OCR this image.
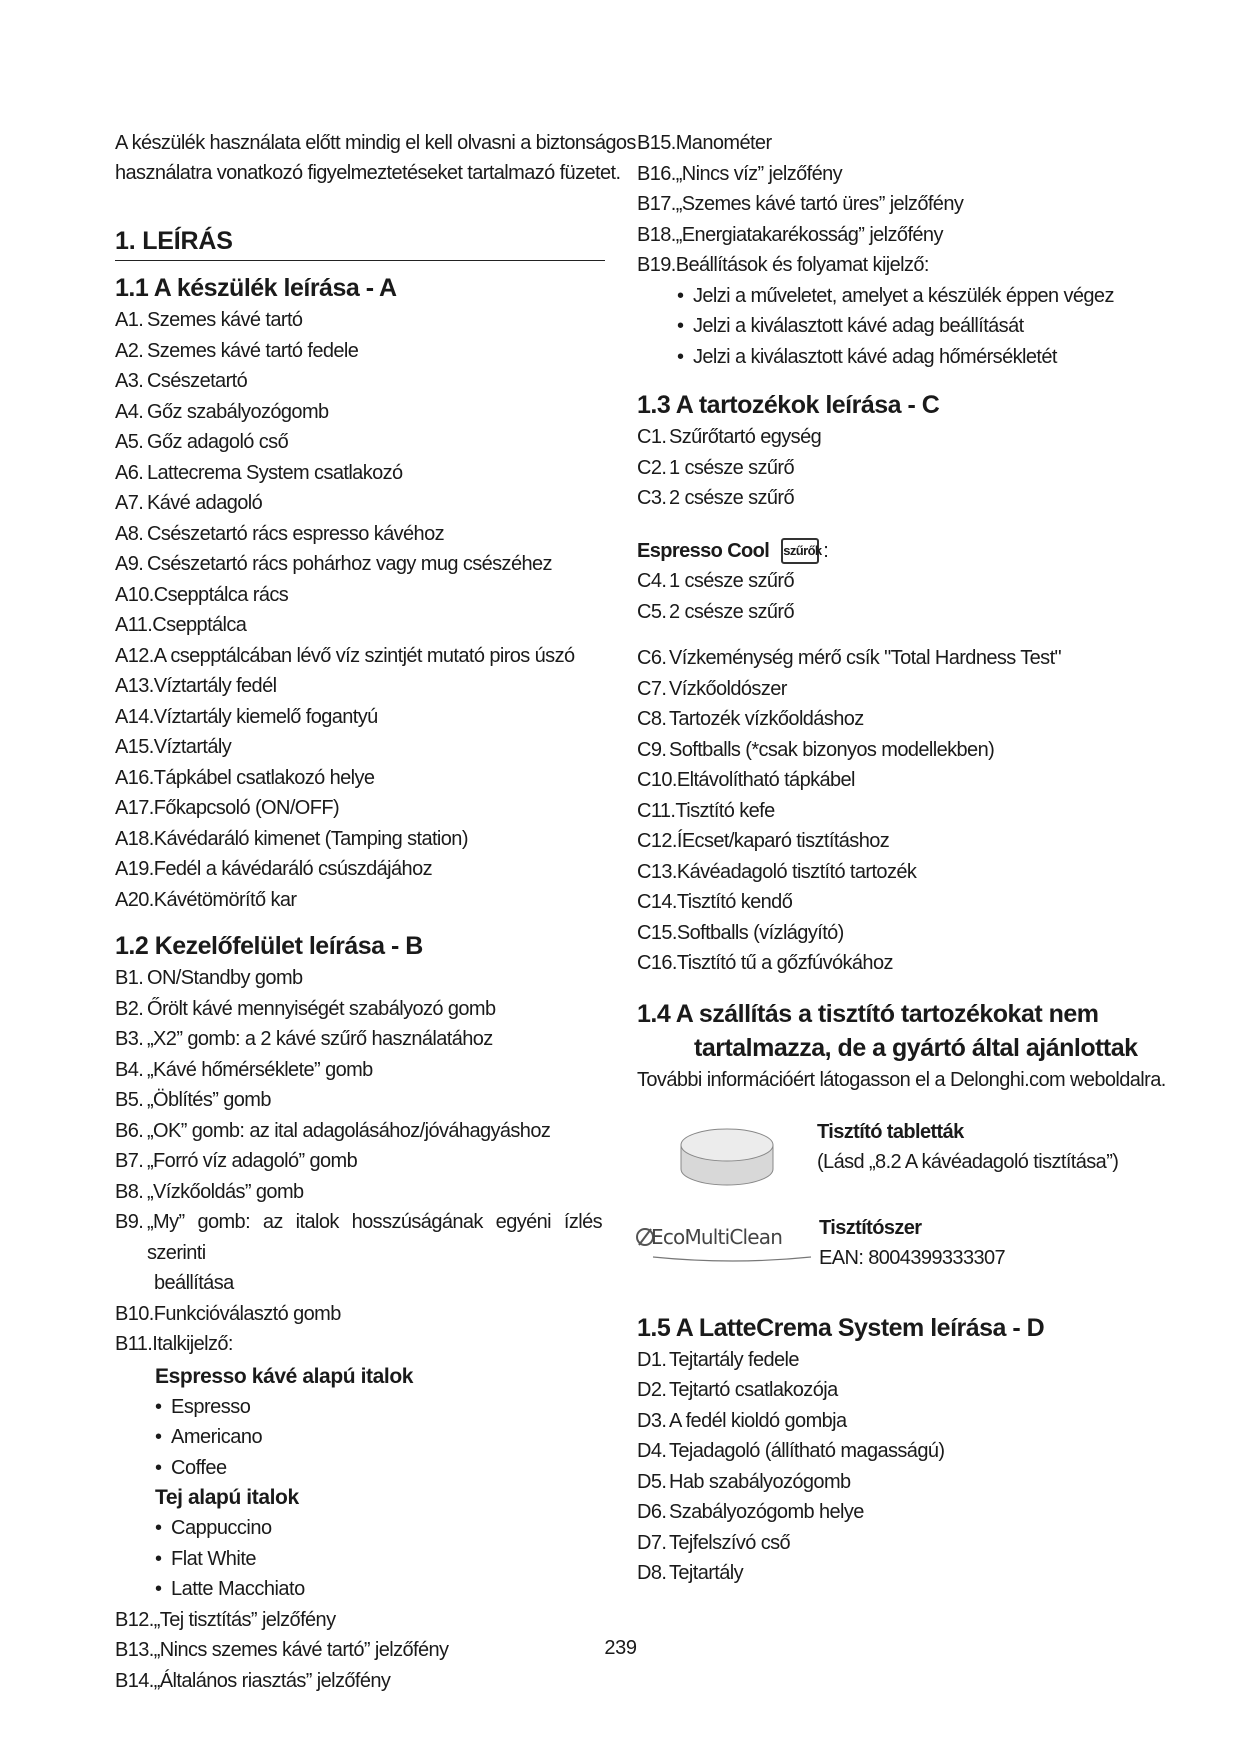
A készülék használata előtt mindig el kell olvasni a biztonságos
használatra vonatkozó figyelmeztetéseket tartalmazó füzetet.
1. LEÍRÁS
1.1 A készülék leírása - A
A1. Szemes kávé tartó
A2. Szemes kávé tartó fedele
A3. Csészetartó
A4. Gőz szabályozógomb
A5. Gőz adagoló cső
A6. Lattecrema System csatlakozó
A7. Kávé adagoló
A8. Csészetartó rács espresso kávéhoz
A9. Csészetartó rács pohárhoz vagy mug csészéhez
A10. Csepptálca rács
A11. Csepptálca
A12. A csepptálcában lévő víz szintjét mutató piros úszó
A13. Víztartály fedél
A14. Víztartály kiemelő fogantyú
A15. Víztartály
A16. Tápkábel csatlakozó helye
A17. Főkapcsoló (ON/OFF)
A18. Kávédaráló kimenet (Tamping station)
A19. Fedél a kávédaráló csúszdájához
A20. Kávétömörítő kar
1.2 Kezelőfelület leírása - B
B1. ON/Standby gomb
B2. Őrölt kávé mennyiségét szabályozó gomb
B3. „X2” gomb: a 2 kávé szűrő használatához
B4. „Kávé hőmérséklete” gomb
B5. „Öblítés” gomb
B6. „OK” gomb: az ital adagolásához/jóváhagyáshoz
B7. „Forró víz adagoló” gomb
B8. „Vízkőoldás” gomb
B9. „My” gomb: az italok hosszúságának egyéni ízlés szerinti
beállítása
B10. Funkcióválasztó gomb
B11. Italkijelző:
Espresso kávé alapú italok
• Espresso
• Americano
• Coffee
Tej alapú italok
• Cappuccino
• Flat White
• Latte Macchiato
B12. „Tej tisztítás” jelzőfény
B13. „Nincs szemes kávé tartó” jelzőfény
B14. „Általános riasztás” jelzőfény
B15. Manométer
B16. „Nincs víz” jelzőfény
B17. „Szemes kávé tartó üres” jelzőfény
B18. „Energiatakarékosság” jelzőfény
B19. Beállítások és folyamat kijelző:
• Jelzi a műveletet, amelyet a készülék éppen végez
• Jelzi a kiválasztott kávé adag beállítását
• Jelzi a kiválasztott kávé adag hőmérsékletét
1.3 A tartozékok leírása - C
C1. Szűrőtartó egység
C2. 1 csésze szűrő
C3. 2 csésze szűrő
Espresso Cool szűrők :
C4. 1 csésze szűrő
C5. 2 csésze szűrő
C6. Vízkeménység mérő csík "Total Hardness Test"
C7. Vízkőoldószer
C8. Tartozék vízkőoldáshoz
C9. Softballs (*csak bizonyos modellekben)
C10. Eltávolítható tápkábel
C11. Tisztító kefe
C12. ÍEcset/kaparó tisztításhoz
C13. Kávéadagoló tisztító tartozék
C14. Tisztító kendő
C15. Softballs (vízlágyító)
C16. Tisztító tű a gőzfúvókához
1.4 A szállítás a tisztító tartozékokat nem
tartalmazza, de a gyártó által ajánlottak
További információért látogasson el a Delonghi.com weboldalra.
Tisztító tabletták
(Lásd „8.2 A kávéadagoló tisztítása”)
EcoMultiClean Tisztítószer
EAN: 8004399333307
1.5 A LatteCrema System leírása - D
D1. Tejtartály fedele
D2. Tejtartó csatlakozója
D3. A fedél kioldó gombja
D4. Tejadagoló (állítható magasságú)
D5. Hab szabályozógomb
D6. Szabályozógomb helye
D7. Tejfelszívó cső
D8. Tejtartály
239
